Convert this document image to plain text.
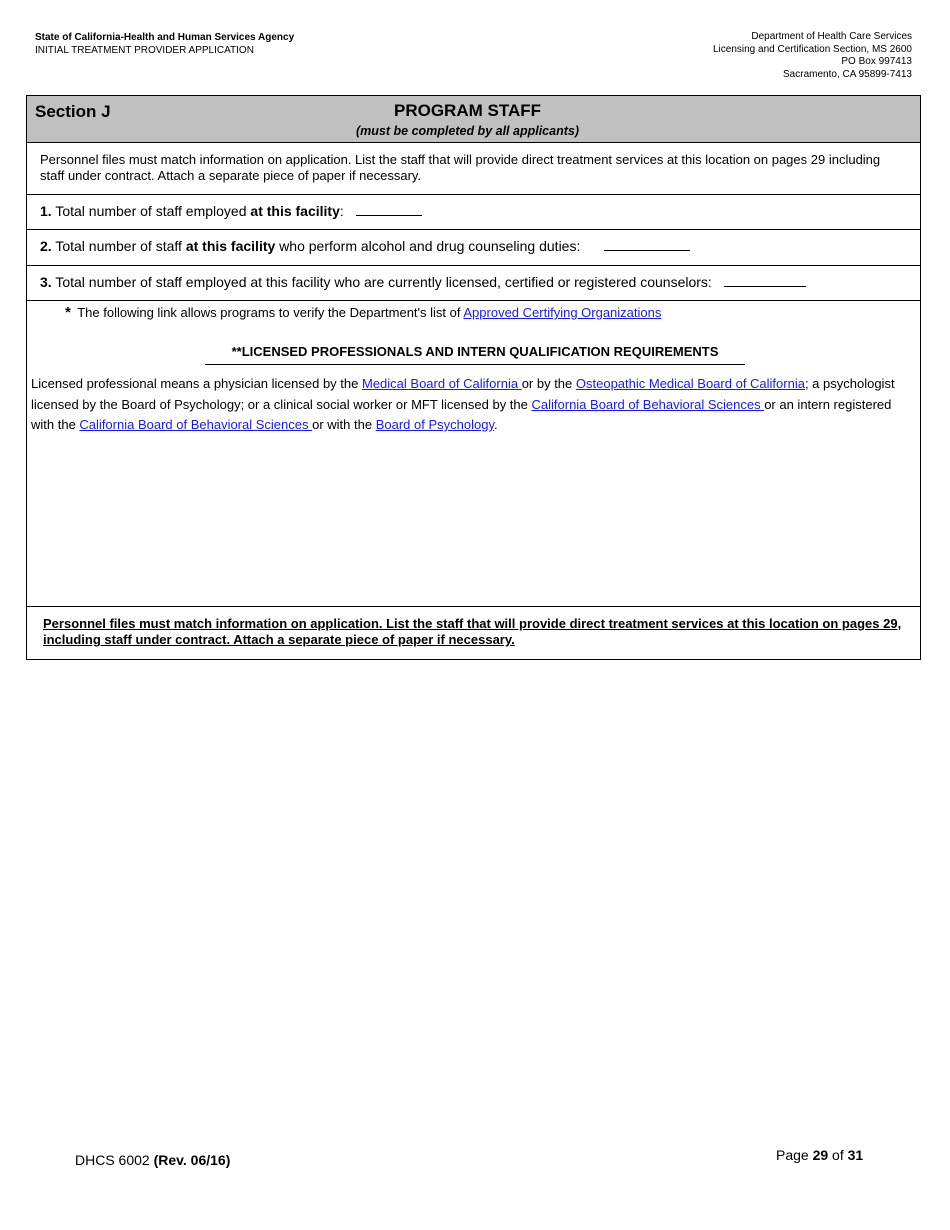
State of California-Health and Human Services Agency
INITIAL TREATMENT PROVIDER APPLICATION
Department of Health Care Services
Licensing and Certification Section, MS 2600
PO Box 997413
Sacramento, CA 95899-7413
PROGRAM STAFF
(must be completed by all applicants)
Section J

Personnel files must match information on application. List the staff that will provide direct treatment services at this location on pages 29 including staff under contract. Attach a separate piece of paper if necessary.

1. Total number of staff employed at this facility:
2. Total number of staff at this facility who perform alcohol and drug counseling duties:
3. Total number of staff employed at this facility who are currently licensed, certified or registered counselors:
* The following link allows programs to verify the Department's list of Approved Certifying Organizations
**LICENSED PROFESSIONALS AND INTERN QUALIFICATION REQUIREMENTS
Licensed professional means a physician licensed by the Medical Board of California or by the Osteopathic Medical Board of California; a psychologist licensed by the Board of Psychology; or a clinical social worker or MFT licensed by the California Board of Behavioral Sciences or an intern registered with the California Board of Behavioral Sciences or with the Board of Psychology.

Personnel files must match information on application. List the staff that will provide direct treatment services at this location on pages 29, including staff under contract. Attach a separate piece of paper if necessary.

DHCS 6002 (Rev. 06/16)	Page 29 of 31
